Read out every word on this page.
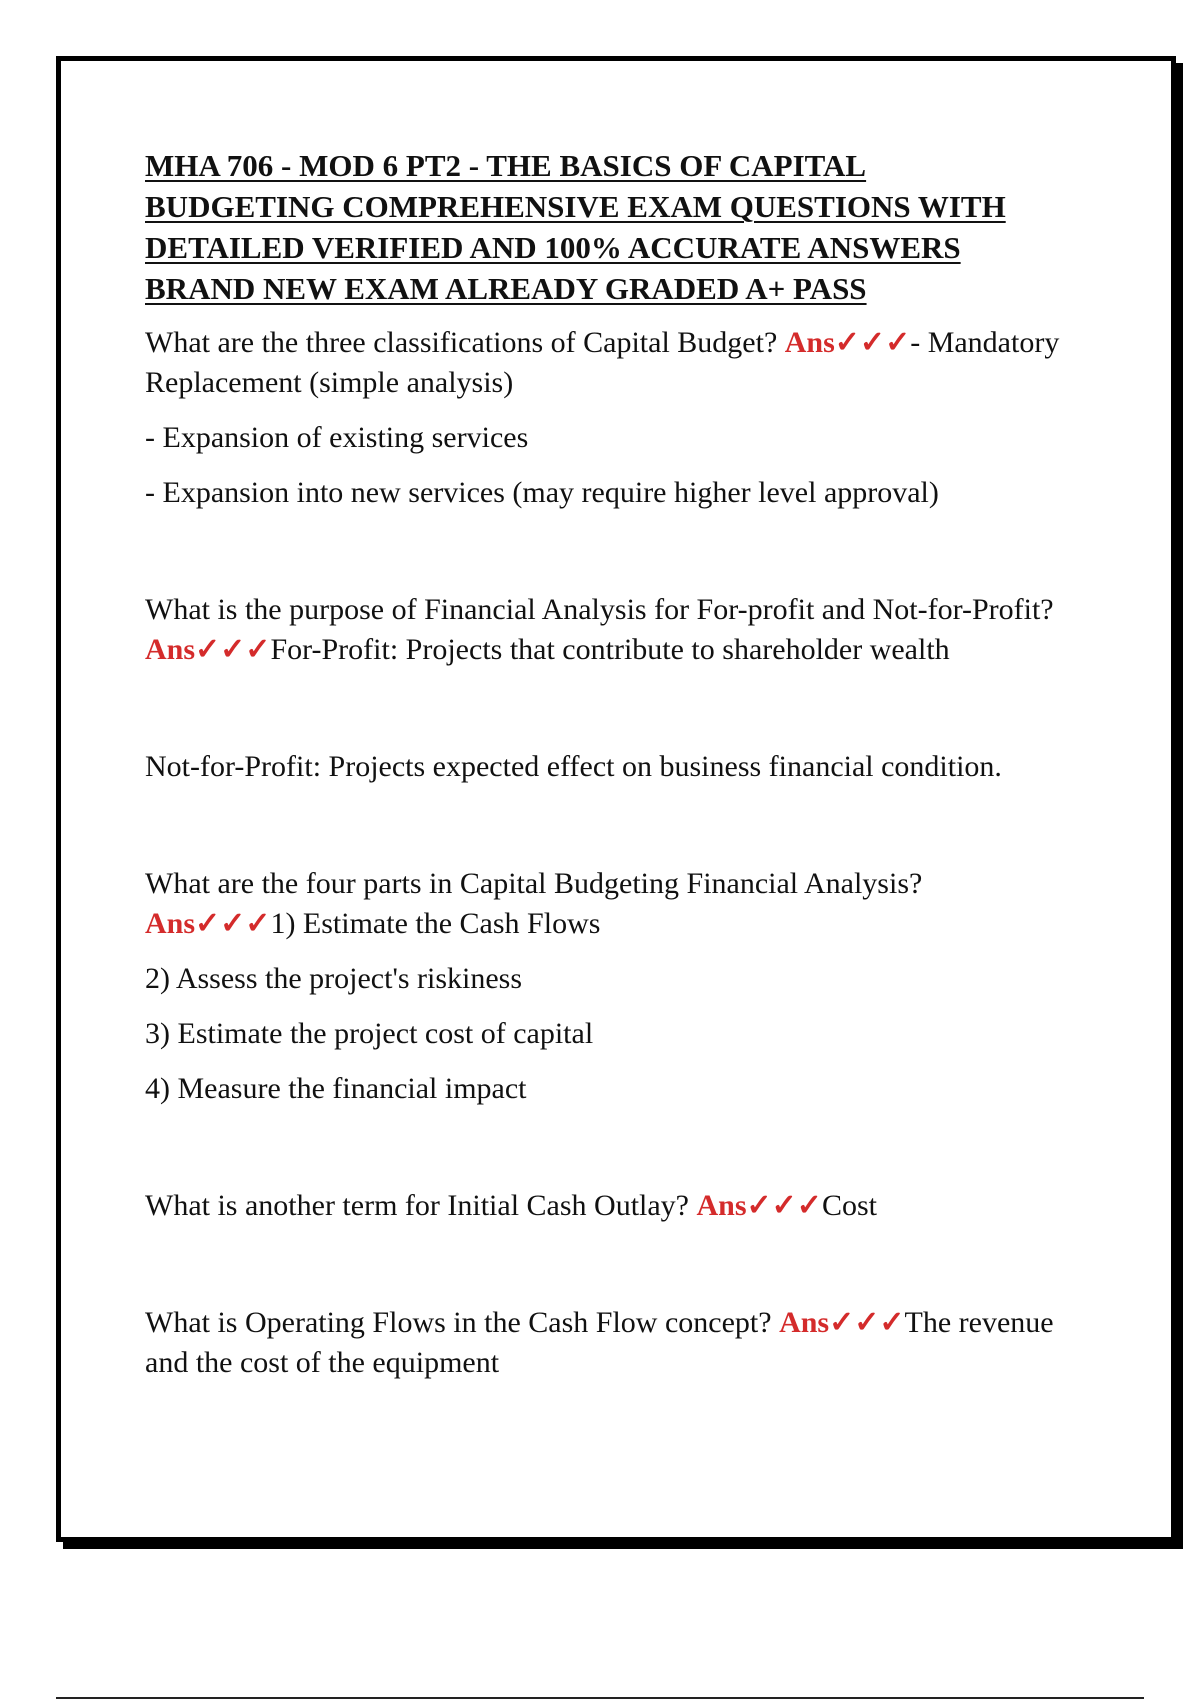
MHA 706 - MOD 6 PT2 - THE BASICS OF CAPITAL
BUDGETING COMPREHENSIVE EXAM QUESTIONS WITH
DETAILED VERIFIED AND 100% ACCURATE ANSWERS
BRAND NEW EXAM ALREADY GRADED A+ PASS

What are the three classifications of Capital Budget? Ans✓✓✓- Mandatory Replacement (simple analysis)

- Expansion of existing services

- Expansion into new services (may require higher level approval)

What is the purpose of Financial Analysis for For-profit and Not-for-Profit? Ans✓✓✓For-Profit: Projects that contribute to shareholder wealth

Not-for-Profit: Projects expected effect on business financial condition.

What are the four parts in Capital Budgeting Financial Analysis? Ans✓✓✓1) Estimate the Cash Flows

2) Assess the project's riskiness

3) Estimate the project cost of capital

4) Measure the financial impact

What is another term for Initial Cash Outlay? Ans✓✓✓Cost

What is Operating Flows in the Cash Flow concept? Ans✓✓✓The revenue and the cost of the equipment
